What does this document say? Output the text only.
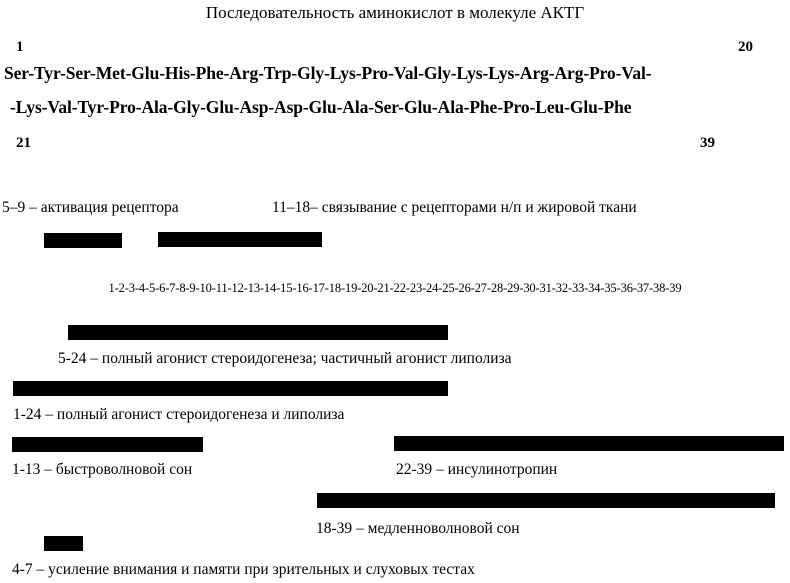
Последовательность аминокислот в молекуле АКТГ
1	20
Ser-Tyr-Ser-Met-Glu-His-Phe-Arg-Trp-Gly-Lys-Pro-Val-Gly-Lys-Lys-Arg-Arg-Pro-Val-
-Lys-Val-Tyr-Pro-Ala-Gly-Glu-Asp-Asp-Glu-Ala-Ser-Glu-Ala-Phe-Pro-Leu-Glu-Phe
21	39
5–9 – активация рецептора	11–18– связывание с рецепторами н/п и жировой ткани
1-2-3-4-5-6-7-8-9-10-11-12-13-14-15-16-17-18-19-20-21-22-23-24-25-26-27-28-29-30-31-32-33-34-35-36-37-38-39
5-24 – полный агонист стероидогенеза; частичный агонист липолиза
1-24 – полный агонист стероидогенеза и липолиза
1-13 – быстроволновой сон	22-39 – инсулинотропин
18-39 – медленноволновой сон
4-7 – усиление внимания и памяти при зрительных и слуховых тестах
